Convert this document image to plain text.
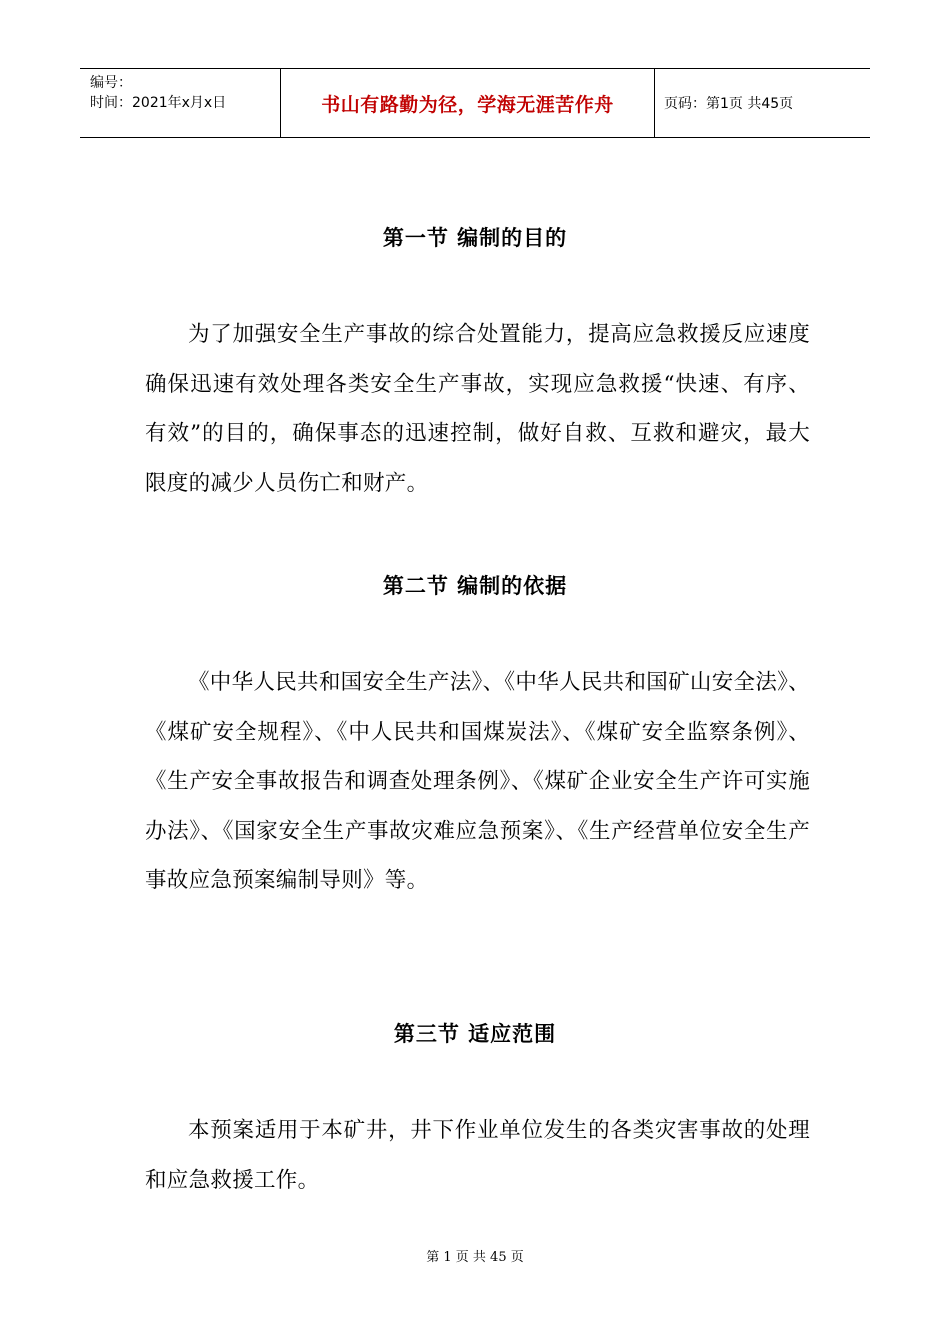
编号：
时间：2021年x月x日	书山有路勤为径，学海无涯苦作舟	页码：第1页 共45页
第一节 编制的目的
为了加强安全生产事故的综合处置能力，提高应急救援反应速度确保迅速有效处理各类安全生产事故，实现应急救援“快速、有序、有效”的目的，确保事态的迅速控制，做好自救、互救和避灾，最大限度的减少人员伤亡和财产。
第二节 编制的依据
《中华人民共和国安全生产法》、《中华人民共和国矿山安全法》、《煤矿安全规程》、《中人民共和国煤炭法》、《煤矿安全监察条例》、《生产安全事故报告和调查处理条例》、《煤矿企业安全生产许可实施办法》、《国家安全生产事故灾难应急预案》、《生产经营单位安全生产事故应急预案编制导则》等。
第三节 适应范围
本预案适用于本矿井，井下作业单位发生的各类灾害事故的处理和应急救援工作。
第 1 页 共 45 页
